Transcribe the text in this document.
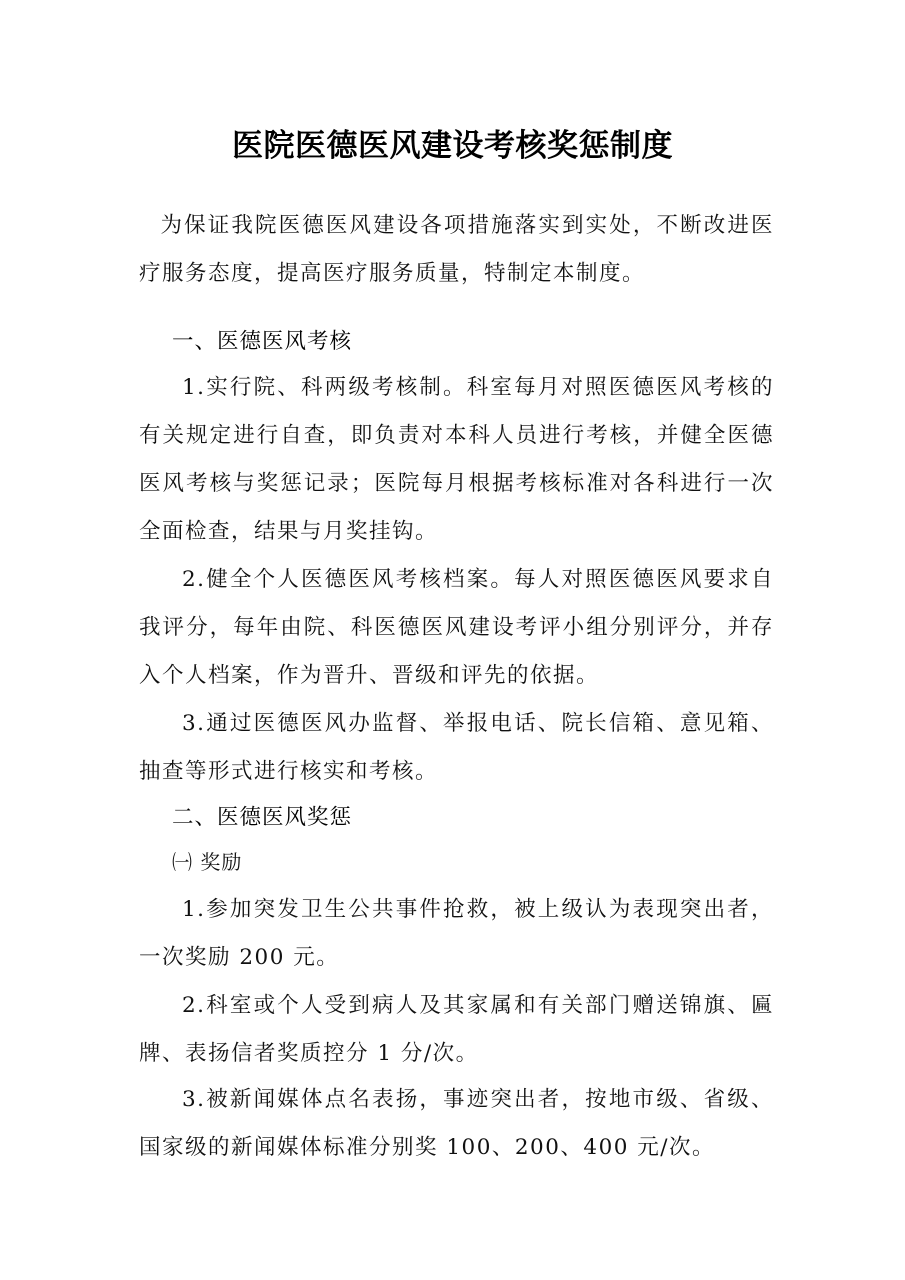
医院医德医风建设考核奖惩制度
为保证我院医德医风建设各项措施落实到实处，不断改进医疗服务态度，提高医疗服务质量，特制定本制度。
一、医德医风考核
1.实行院、科两级考核制。科室每月对照医德医风考核的有关规定进行自查，即负责对本科人员进行考核，并健全医德医风考核与奖惩记录；医院每月根据考核标准对各科进行一次全面检查，结果与月奖挂钩。
2.健全个人医德医风考核档案。每人对照医德医风要求自我评分，每年由院、科医德医风建设考评小组分别评分，并存入个人档案，作为晋升、晋级和评先的依据。
3.通过医德医风办监督、举报电话、院长信箱、意见箱、抽查等形式进行核实和考核。
二、医德医风奖惩
㈠ 奖励
1.参加突发卫生公共事件抢救，被上级认为表现突出者，一次奖励 200 元。
2.科室或个人受到病人及其家属和有关部门赠送锦旗、匾牌、表扬信者奖质控分 1 分/次。
3.被新闻媒体点名表扬，事迹突出者，按地市级、省级、国家级的新闻媒体标准分别奖 100、200、400 元/次。
